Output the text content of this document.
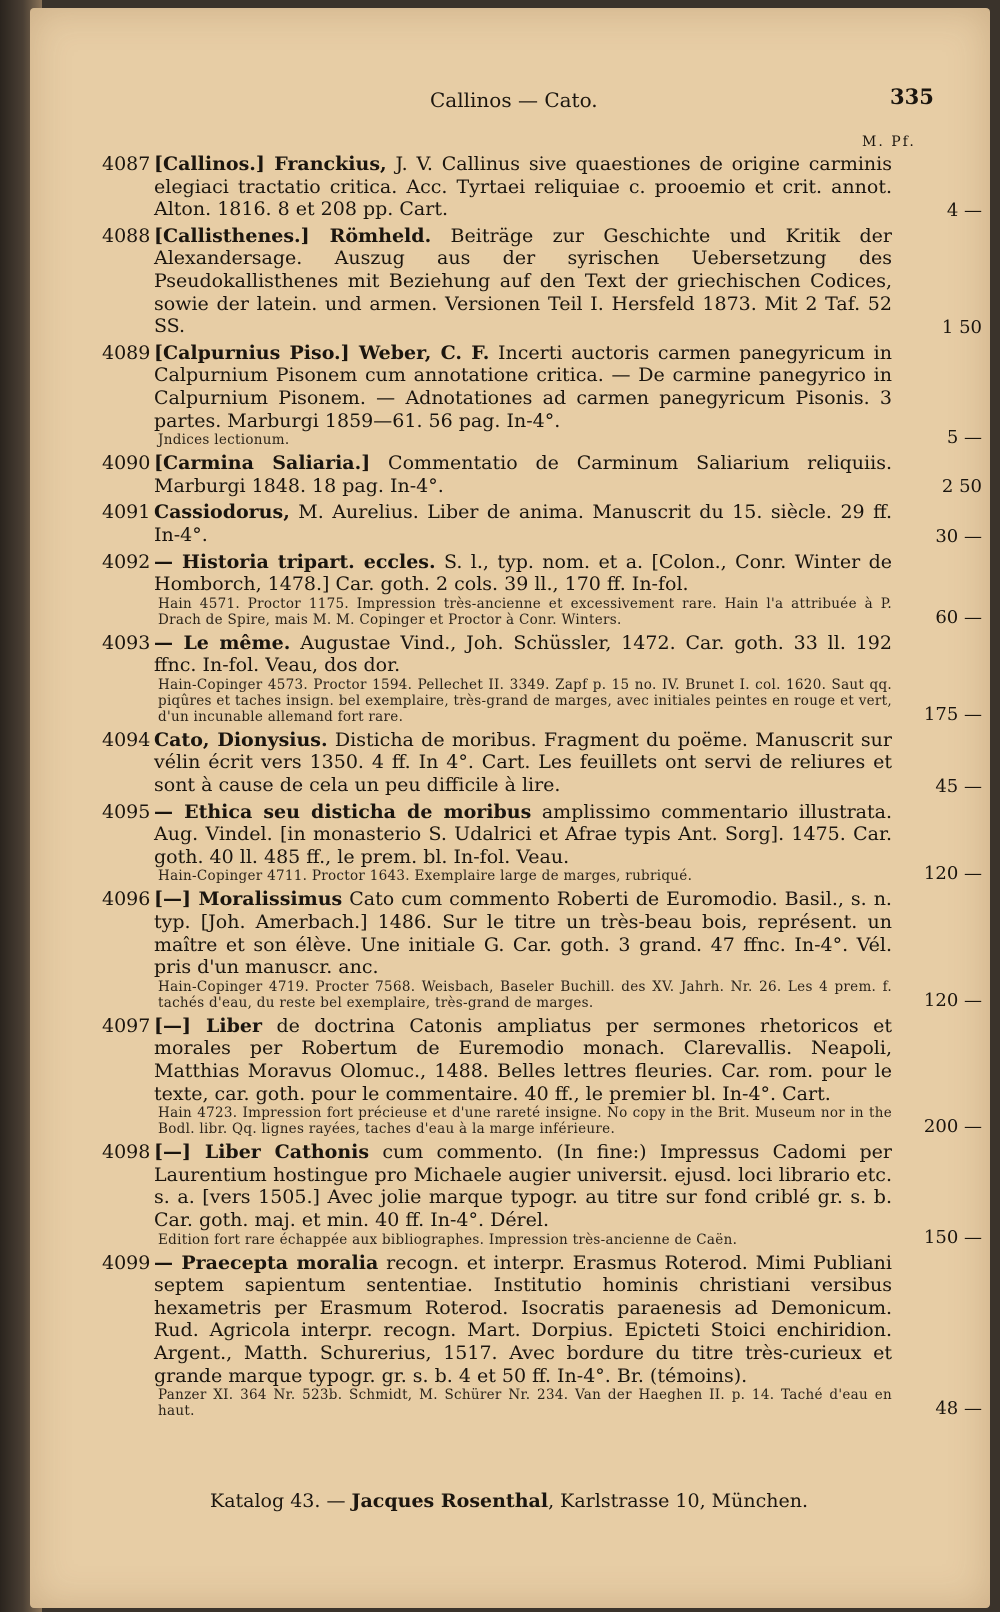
Callinos — Cato.	335
M. Pf.
4087 [Callinos.] Franckius, J. V. Callinus sive quaestiones de origine carminis elegiaci tractatio critica. Acc. Tyrtaei reliquiae c. prooemio et crit. annot. Alton. 1816. 8 et 208 pp. Cart.	4 —
4088 [Callisthenes.] Römheld. Beiträge zur Geschichte und Kritik der Alexandersage. Auszug aus der syrischen Uebersetzung des Pseudokallisthenes mit Beziehung auf den Text der griechischen Codices, sowie der latein. und armen. Versionen Teil I. Hersfeld 1873. Mit 2 Taf. 52 SS.	1 50
4089 [Calpurnius Piso.] Weber, C. F. Incerti auctoris carmen panegyricum in Calpurnium Pisonem cum annotatione critica. — De carmine panegyrico in Calpurnium Pisonem. — Adnotationes ad carmen panegyricum Pisonis. 3 partes. Marburgi 1859—61. 56 pag. In-4°.
Jndices lectionum.	5 —
4090 [Carmina Saliaria.] Commentatio de Carminum Saliarium reliquiis. Marburgi 1848. 18 pag. In-4°.	2 50
4091 Cassiodorus, M. Aurelius. Liber de anima. Manuscrit du 15. siècle. 29 ff. In-4°.	30 —
4092 — Historia tripart. eccles. S. l., typ. nom. et a. [Colon., Conr. Winter de Homborch, 1478.] Car. goth. 2 cols. 39 ll., 170 ff. In-fol.
Hain 4571. Proctor 1175. Impression très-ancienne et excessivement rare. Hain l'a attribuée à P. Drach de Spire, mais M. M. Copinger et Proctor à Conr. Winters.	60 —
4093 — Le même. Augustae Vind., Joh. Schüssler, 1472. Car. goth. 33 ll. 192 ffnc. In-fol. Veau, dos dor.
Hain-Copinger 4573. Proctor 1594. Pellechet II. 3349. Zapf p. 15 no. IV. Brunet I. col. 1620. Saut qq. piqûres et taches insign. bel exemplaire, très-grand de marges, avec initiales peintes en rouge et vert, d'un incunable allemand fort rare.	175 —
4094 Cato, Dionysius. Disticha de moribus. Fragment du poëme. Manuscrit sur vélin écrit vers 1350. 4 ff. In 4°. Cart. Les feuillets ont servi de reliures et sont à cause de cela un peu difficile à lire.	45 —
4095 — Ethica seu disticha de moribus amplissimo commentario illustrata. Aug. Vindel. [in monasterio S. Udalrici et Afrae typis Ant. Sorg]. 1475. Car. goth. 40 ll. 485 ff., le prem. bl. In-fol. Veau.
Hain-Copinger 4711. Proctor 1643. Exemplaire large de marges, rubriqué.	120 —
4096 [—] Moralissimus Cato cum commento Roberti de Euromodio. Basil., s. n. typ. [Joh. Amerbach.] 1486. Sur le titre un très-beau bois, représent. un maître et son élève. Une initiale G. Car. goth. 3 grand. 47 ffnc. In-4°. Vél. pris d'un manuscr. anc.
Hain-Copinger 4719. Procter 7568. Weisbach, Baseler Buchill. des XV. Jahrh. Nr. 26. Les 4 prem. f. tachés d'eau, du reste bel exemplaire, très-grand de marges.	120 —
4097 [—] Liber de doctrina Catonis ampliatus per sermones rhetoricos et morales per Robertum de Euremodio monach. Clarevallis. Neapoli, Matthias Moravus Olomuc., 1488. Belles lettres fleuries. Car. rom. pour le texte, car. goth. pour le commentaire. 40 ff., le premier bl. In-4°. Cart.
Hain 4723. Impression fort précieuse et d'une rareté insigne. No copy in the Brit. Museum nor in the Bodl. libr. Qq. lignes rayées, taches d'eau à la marge inférieure.	200 —
4098 [—] Liber Cathonis cum commento. (In fine:) Impressus Cadomi per Laurentium hostingue pro Michaele augier universit. ejusd. loci librario etc. s. a. [vers 1505.] Avec jolie marque typogr. au titre sur fond criblé gr. s. b. Car. goth. maj. et min. 40 ff. In-4°. Dérel.
Edition fort rare échappée aux bibliographes. Impression très-ancienne de Caën.	150 —
4099 — Praecepta moralia recogn. et interpr. Erasmus Roterod. Mimi Publiani septem sapientum sententiae. Institutio hominis christiani versibus hexametris per Erasmum Roterod. Isocratis paraenesis ad Demonicum. Rud. Agricola interpr. recogn. Mart. Dorpius. Epicteti Stoici enchiridion. Argent., Matth. Schurerius, 1517. Avec bordure du titre très-curieux et grande marque typogr. gr. s. b. 4 et 50 ff. In-4°. Br. (témoins).
Panzer XI. 364 Nr. 523b. Schmidt, M. Schürer Nr. 234. Van der Haeghen II. p. 14. Taché d'eau en haut.	48 —
Katalog 43. — Jacques Rosenthal, Karlstrasse 10, München.
